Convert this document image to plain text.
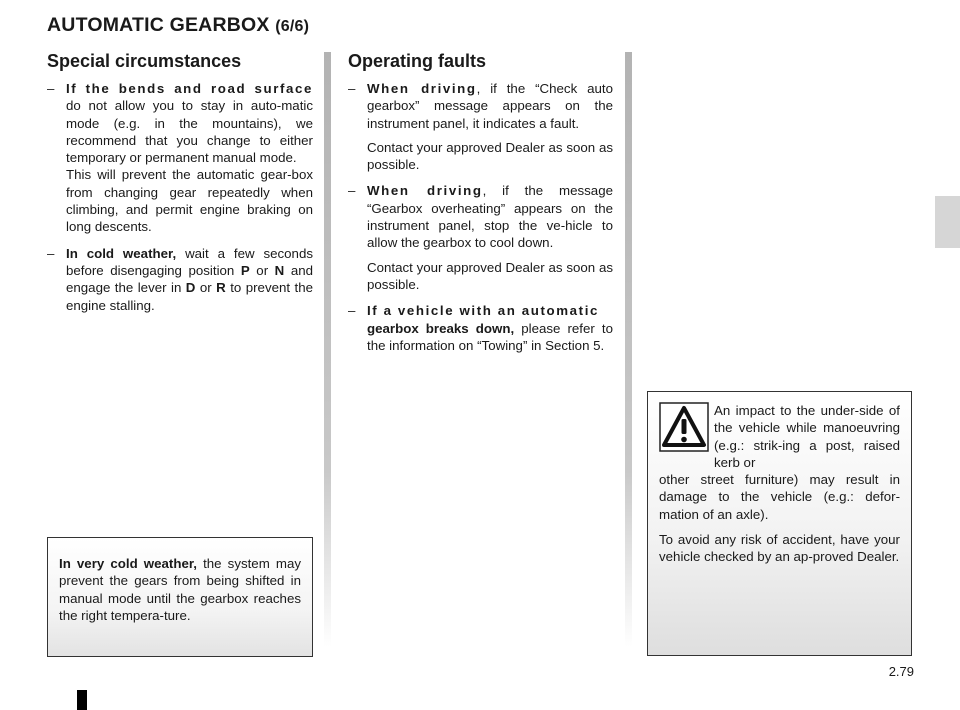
AUTOMATIC GEARBOX (6/6)
Special circumstances
– If the bends and road surface do not allow you to stay in auto-matic mode (e.g. in the mountains), we recommend that you change to either temporary or permanent manual mode.
This will prevent the automatic gear-box from changing gear repeatedly when climbing, and permit engine braking on long descents.

– In cold weather, wait a few seconds before disengaging position P or N and engage the lever in D or R to prevent the engine stalling.

Operating faults
– When driving, if the “Check auto gearbox” message appears on the instrument panel, it indicates a fault.

Contact your approved Dealer as soon as possible.

– When driving, if the message “Gearbox overheating” appears on the instrument panel, stop the ve-hicle to allow the gearbox to cool down.

Contact your approved Dealer as soon as possible.

– If a vehicle with an automatic
gearbox breaks down, please refer to the information on “Towing” in Section 5.

An impact to the under-side of the vehicle while manoeuvring (e.g.: strik-ing a post, raised kerb or

other street furniture) may result in damage to the vehicle (e.g.: defor-mation of an axle).

To avoid any risk of accident, have your vehicle checked by an ap-proved Dealer.

In very cold weather, the system may prevent the gears from being shifted in manual mode until the gearbox reaches the right tempera-ture.
2.79
